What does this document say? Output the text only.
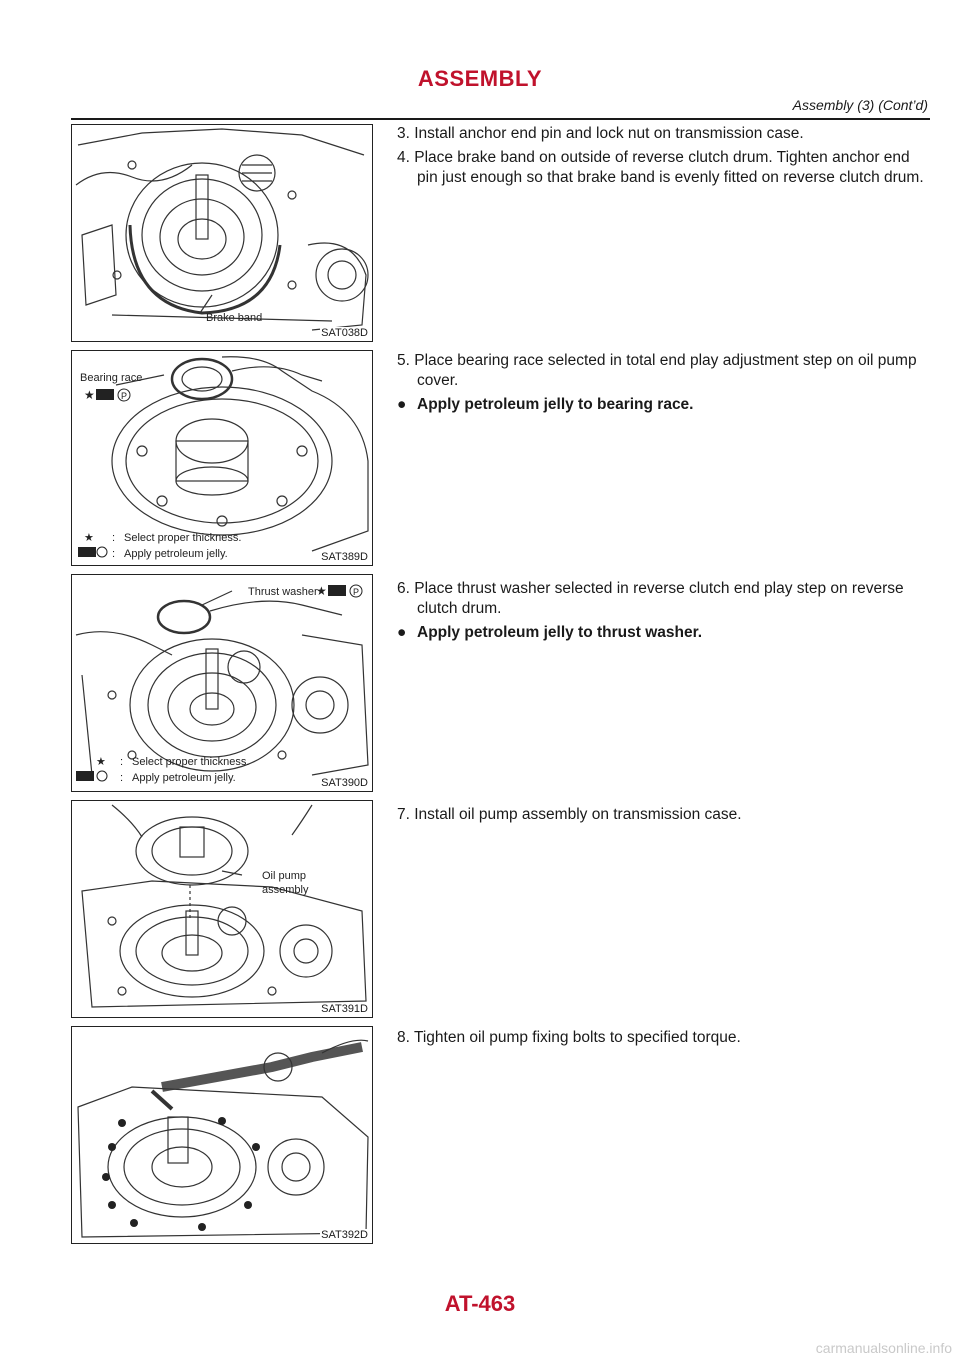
ASSEMBLY
Assembly (3) (Cont’d)
Brake band
SAT038D
Bearing race
★	P
★ : Select proper thickness.
: Apply petroleum jelly.	SAT389D
Thrust washer
★	P
★ : Select proper thickness.
: Apply petroleum jelly.	SAT390D
Oil pump
assembly
SAT391D
SAT392D

3. Install anchor end pin and lock nut on transmission case.

4. Place brake band on outside of reverse clutch drum. Tighten anchor end pin just enough so that brake band is evenly fitted on reverse clutch drum.

5. Place bearing race selected in total end play adjustment step on oil pump cover.

● Apply petroleum jelly to bearing race.

6. Place thrust washer selected in reverse clutch end play step on reverse clutch drum.

● Apply petroleum jelly to thrust washer.

7. Install oil pump assembly on transmission case.

8. Tighten oil pump fixing bolts to specified torque.

AT-463
carmanualsonline.info
